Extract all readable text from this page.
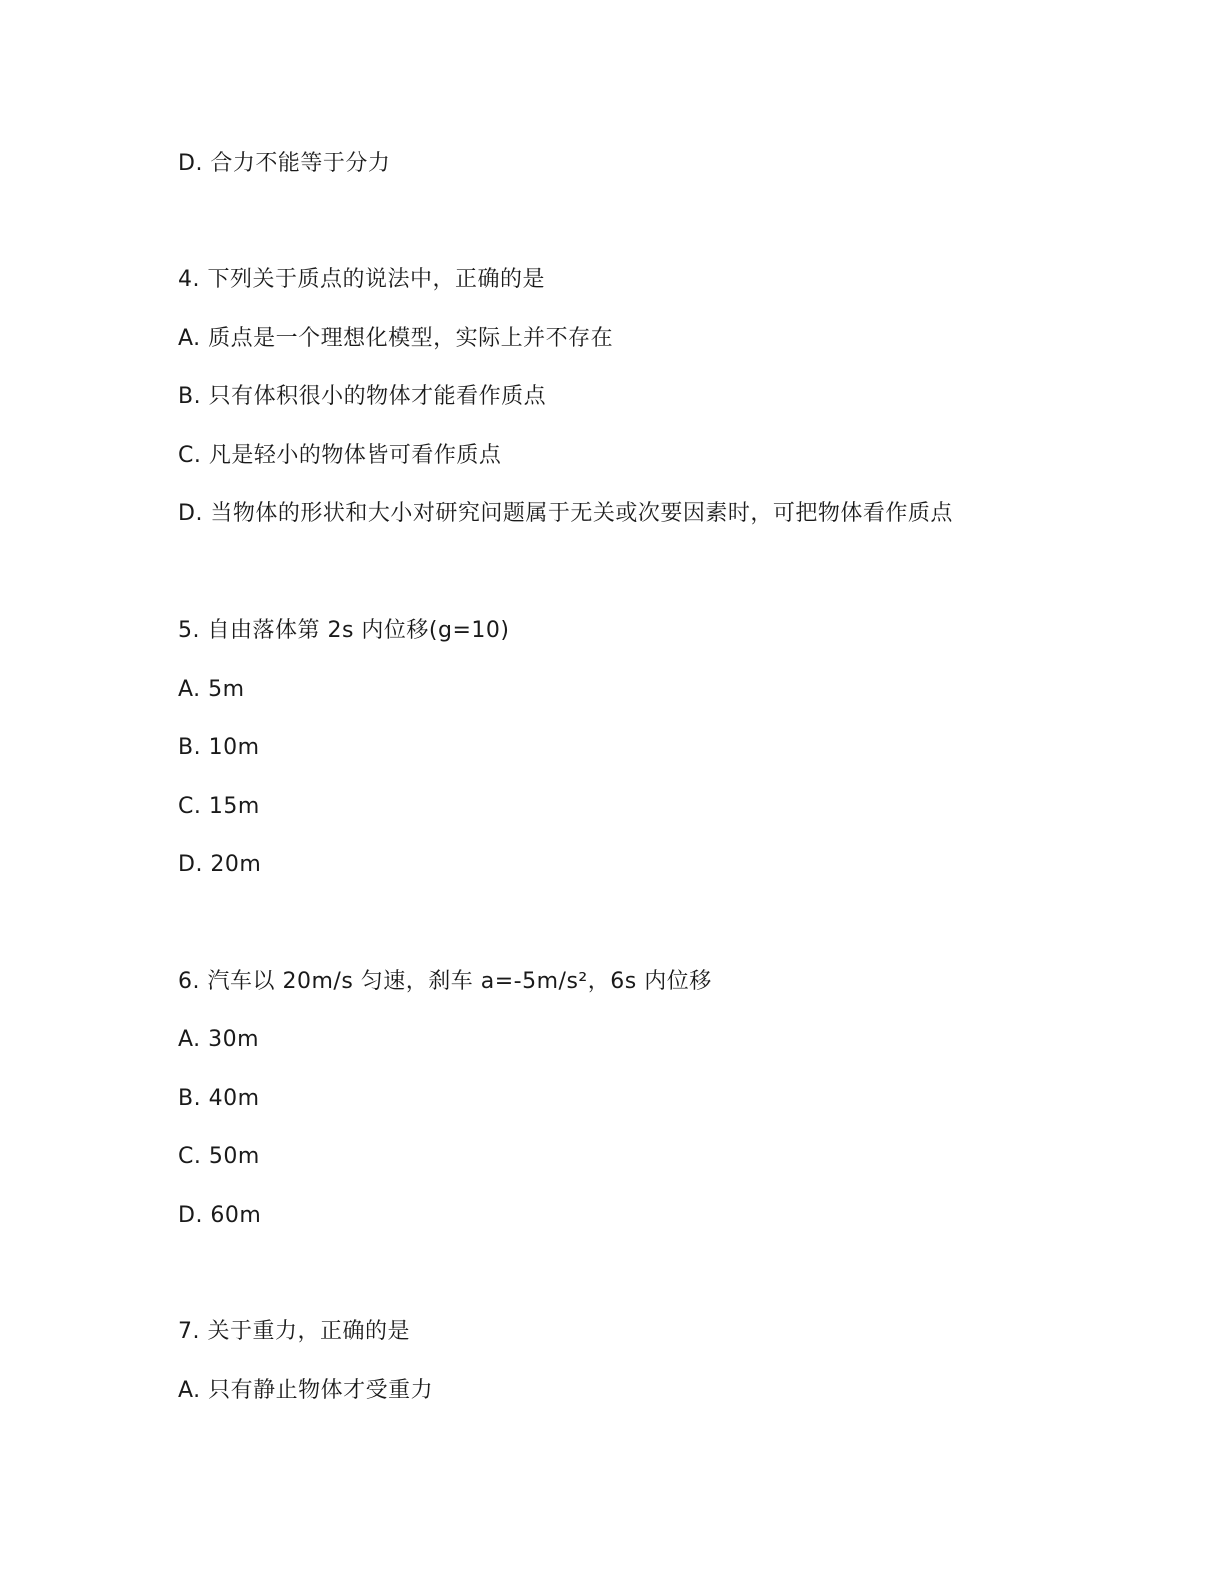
D. 合力不能等于分力
4. 下列关于质点的说法中，正确的是
A. 质点是一个理想化模型，实际上并不存在
B. 只有体积很小的物体才能看作质点
C. 凡是轻小的物体皆可看作质点
D. 当物体的形状和大小对研究问题属于无关或次要因素时，可把物体看作质点
5. 自由落体第 2s 内位移(g=10)
A. 5m
B. 10m
C. 15m
D. 20m
6. 汽车以 20m/s 匀速，刹车 a=-5m/s²，6s 内位移
A. 30m
B. 40m
C. 50m
D. 60m
7. 关于重力，正确的是
A. 只有静止物体才受重力
